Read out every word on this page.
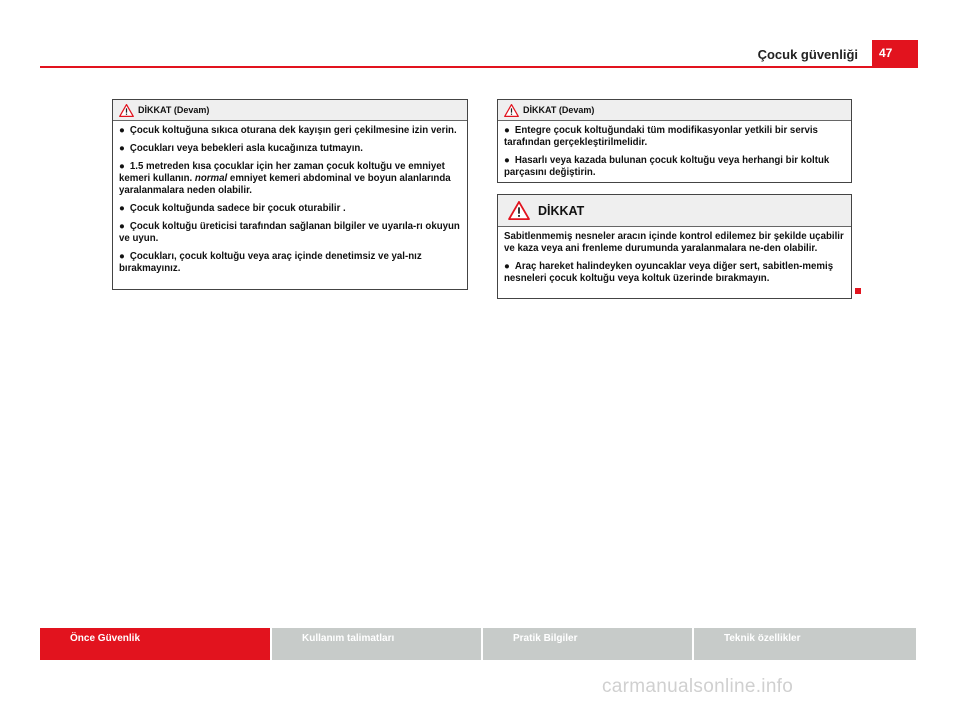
Çocuk güvenliği	47
DİKKAT (Devam)

● Çocuk koltuğuna sıkıca oturana dek kayışın geri çekilmesine izin verin.

● Çocukları veya bebekleri asla kucağınıza tutmayın.

● 1.5 metreden kısa çocuklar için her zaman çocuk koltuğu ve emniyet kemeri kullanın. normal emniyet kemeri abdominal ve boyun alanlarında yaralanmalara neden olabilir.

● Çocuk koltuğunda sadece bir çocuk oturabilir .

● Çocuk koltuğu üreticisi tarafından sağlanan bilgiler ve uyarıla-rı okuyun ve uyun.

● Çocukları, çocuk koltuğu veya araç içinde denetimsiz ve yal-nız bırakmayınız.

DİKKAT (Devam)

● Entegre çocuk koltuğundaki tüm modifikasyonlar yetkili bir servis tarafından gerçekleştirilmelidir.

● Hasarlı veya kazada bulunan çocuk koltuğu veya herhangi bir koltuk parçasını değiştirin.

DİKKAT

Sabitlenmemiş nesneler aracın içinde kontrol edilemez bir şekilde uçabilir ve kaza veya ani frenleme durumunda yaralanmalara ne-den olabilir.

● Araç hareket halindeyken oyuncaklar veya diğer sert, sabitlen-memiş nesneleri çocuk koltuğu veya koltuk üzerinde bırakmayın.

Önce Güvenlik	Kullanım talimatları	Pratik Bilgiler	Teknik özellikler
carmanualsonline.info
